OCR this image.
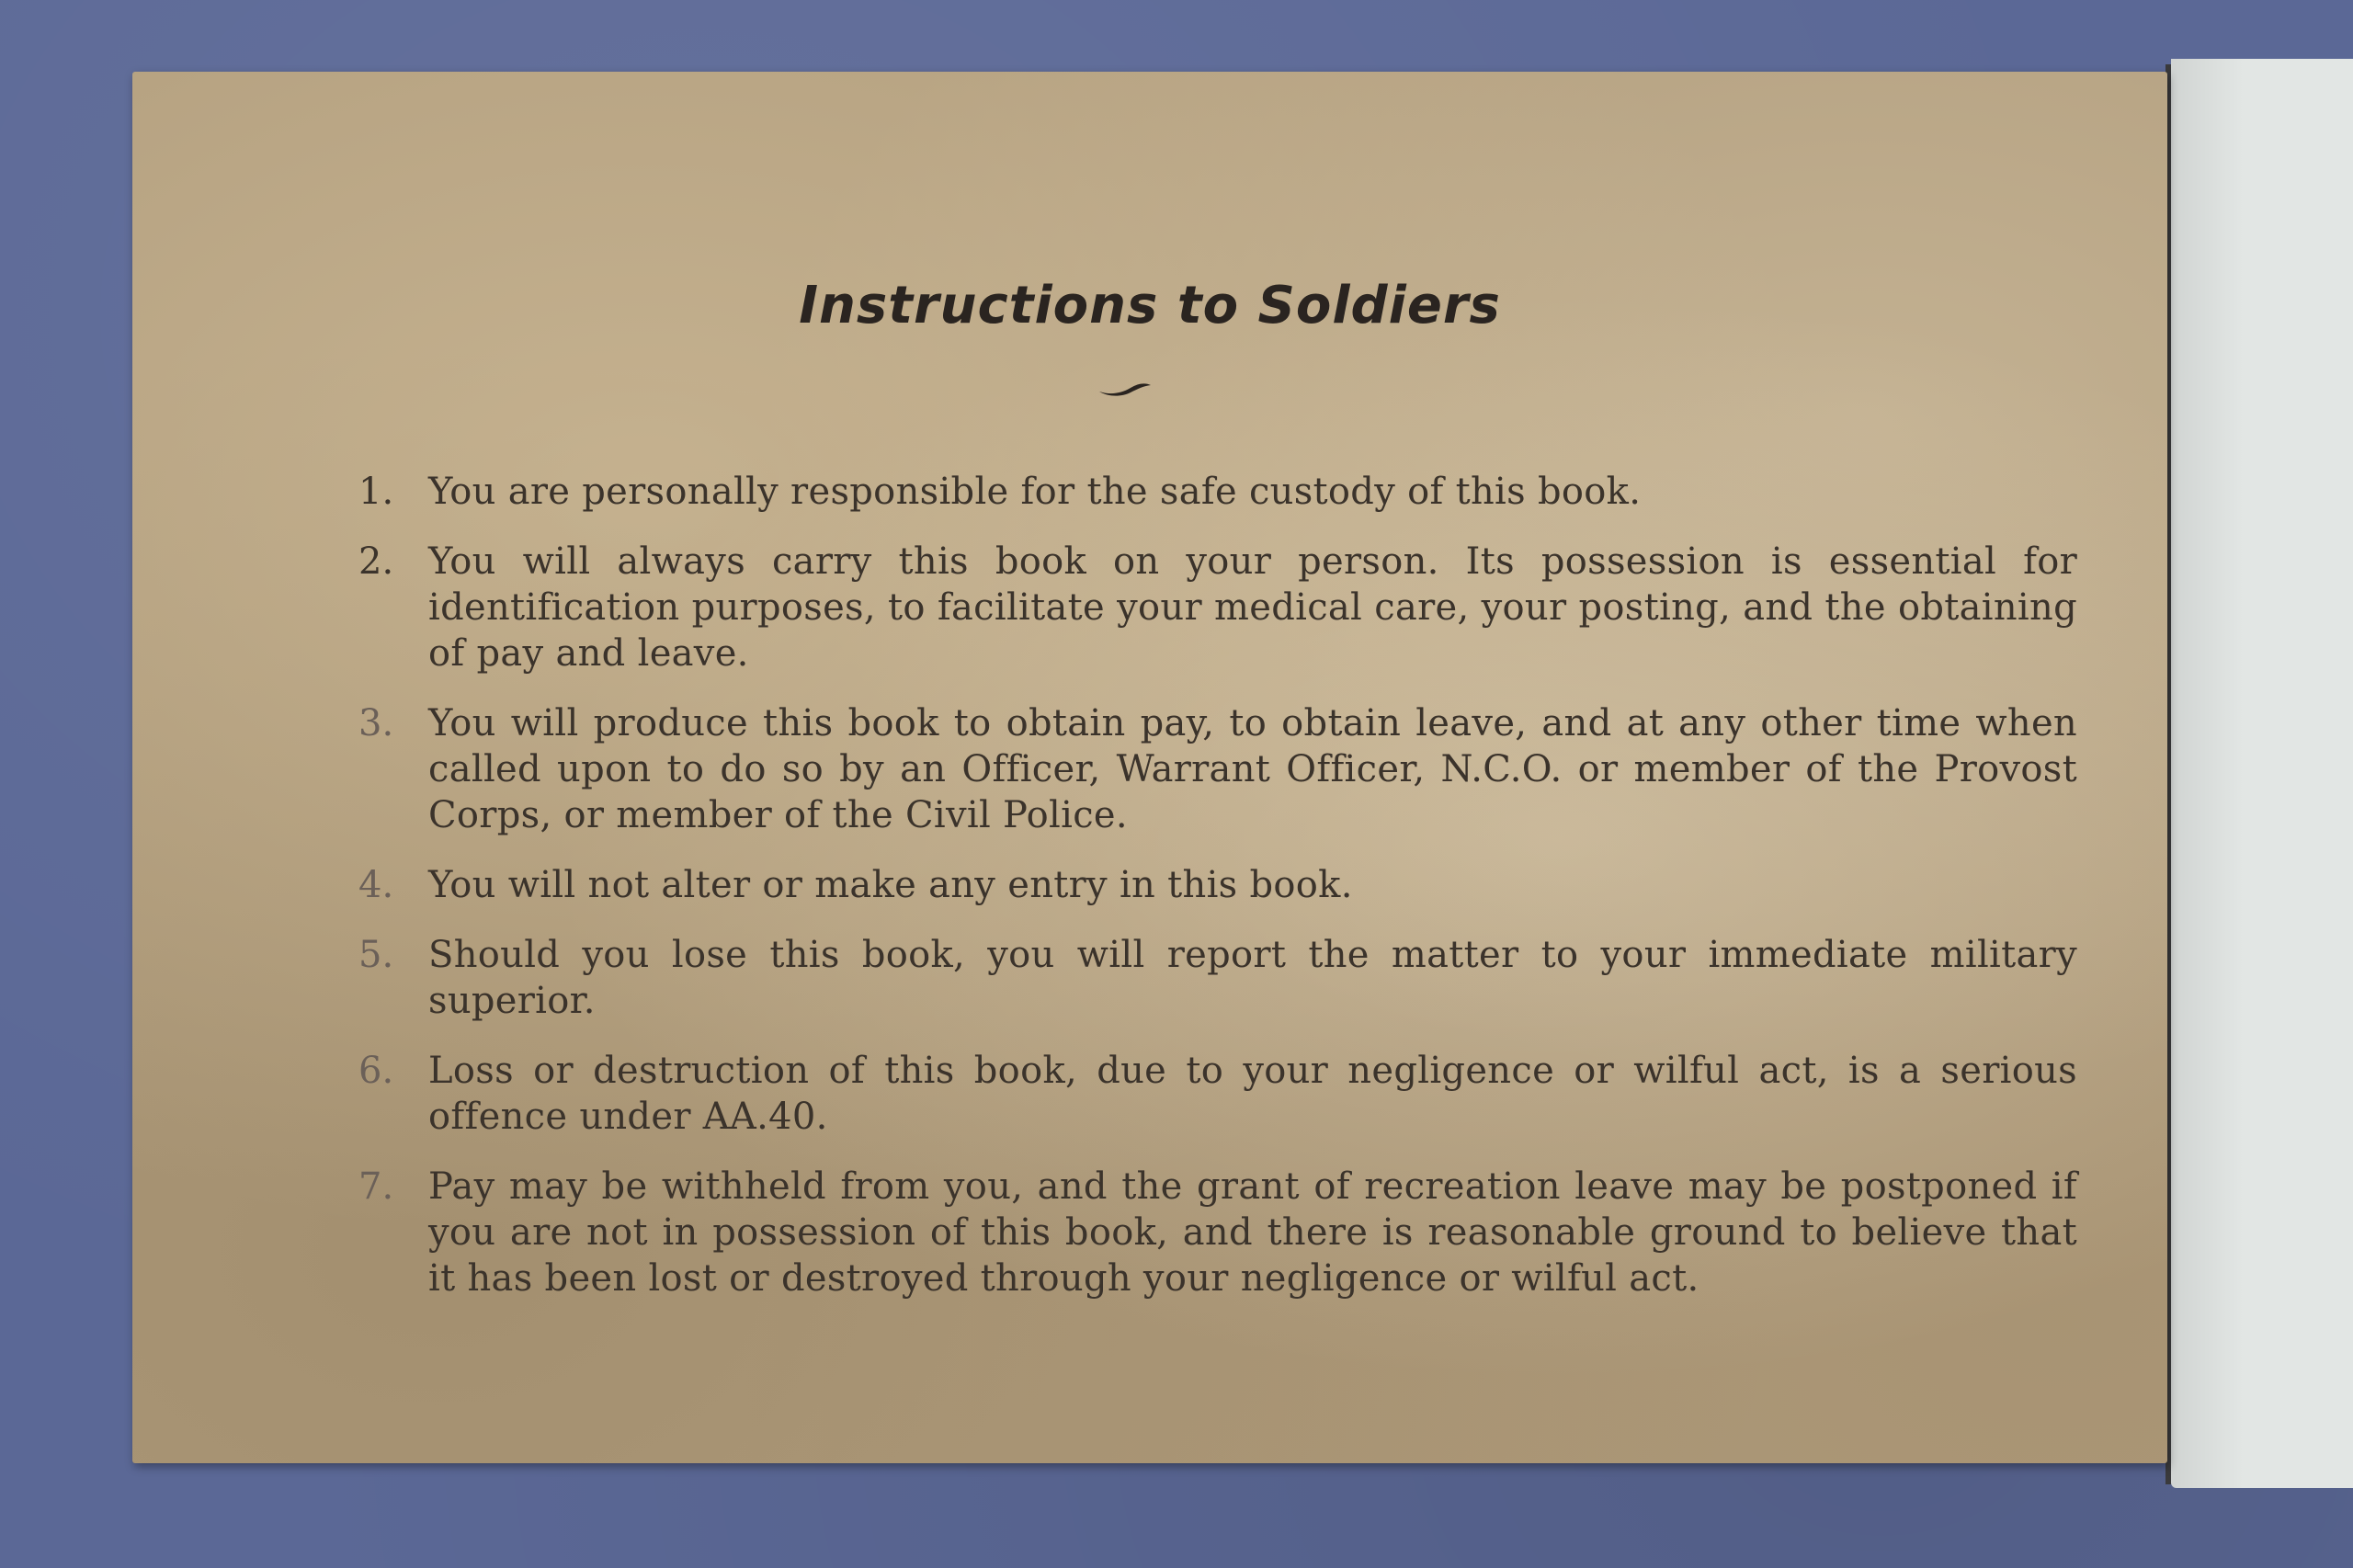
Instructions to Soldiers
1. You are personally responsible for the safe custody of this book.
2. You will always carry this book on your person. Its possession is essential for identification purposes, to facilitate your medical care, your posting, and the obtaining of pay and leave.
3. You will produce this book to obtain pay, to obtain leave, and at any other time when called upon to do so by an Officer, Warrant Officer, N.C.O. or member of the Provost Corps, or member of the Civil Police.
4. You will not alter or make any entry in this book.
5. Should you lose this book, you will report the matter to your immediate military superior.
6. Loss or destruction of this book, due to your negligence or wilful act, is a serious offence under AA.40.
7. Pay may be withheld from you, and the grant of recreation leave may be postponed if you are not in possession of this book, and there is reasonable ground to believe that it has been lost or destroyed through your negligence or wilful act.
